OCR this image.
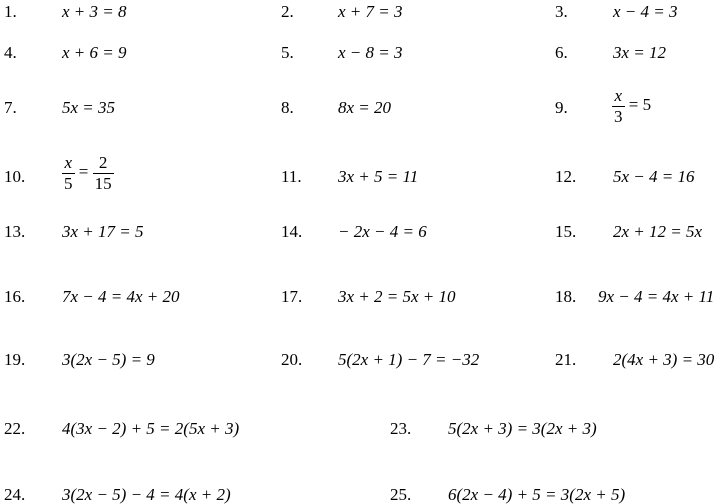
1.	x + 3 = 8	2.	x + 7 = 3	3.	x − 4 = 3
4.	x + 6 = 9	5.	x − 8 = 3	6.	3x = 12
7.	5x = 35	8.	8x = 20	9.	$\frac{x}{3} = 5$
10. $\frac{x}{5} = \frac{2}{15}$	11. 3x + 5 = 11	12. 5x − 4 = 16
13. 3x + 17 = 5	14. − 2x − 4 = 6	15. 2x + 12 = 5x
16. 7x − 4 = 4x + 20	17. 3x + 2 = 5x + 10	18. 9x − 4 = 4x + 11
19. 3(2x − 5) = 9	20. 5(2x + 1) − 7 = −32	21. 2(4x + 3) = 30
22. 4(3x − 2) + 5 = 2(5x + 3)	23. 5(2x + 3) = 3(2x + 3)
24. 3(2x − 5) − 4 = 4(x + 2)	25. 6(2x − 4) + 5 = 3(2x + 5)
